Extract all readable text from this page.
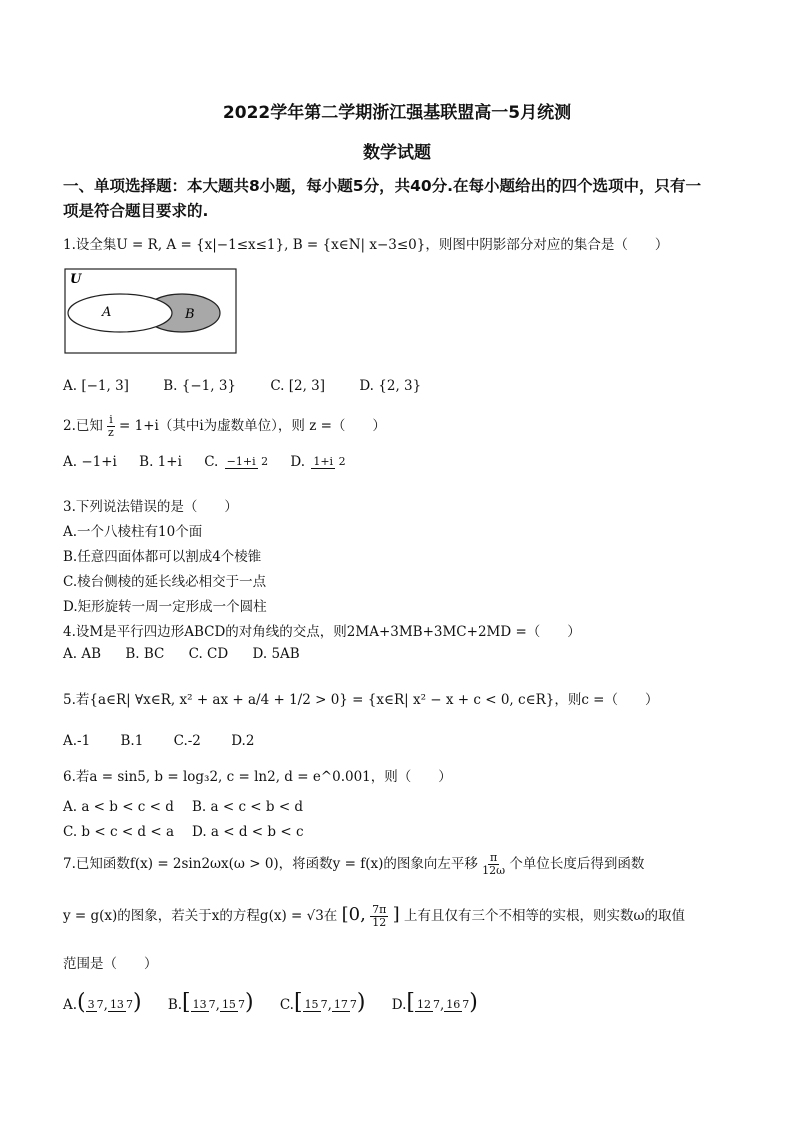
2022学年第二学期浙江强基联盟高一5月统测
数学试题
一、单项选择题：本大题共8小题，每小题5分，共40分.在每小题给出的四个选项中，只有一
项是符合题目要求的.
1.设全集U = R, A = {x|−1≤x≤1}, B = {x∈N| x−3≤0}，则图中阴影部分对应的集合是（　　）
U
A	B
A. [−1, 3]	B. {−1, 3}	C. [2, 3]	D. {2, 3}
2.已知 $\frac{i}{z} = 1+i$（其中i为虚数单位），则 z =（　　）
A. −1+i B. 1+i C. −1+i 2 D. 1+i 2
3.下列说法错误的是（　　）
A.一个八棱柱有10个面
B.任意四面体都可以割成4个棱锥
C.棱台侧棱的延长线必相交于一点
D.矩形旋转一周一定形成一个圆柱
4.设M是平行四边形ABCD的对角线的交点，则2MA+3MB+3MC+2MD =（　　）
A. AB B. BC C. CD D. 5AB
5.若{a∈R| ∀x∈R, x² + ax + a/4 + 1/2 > 0} = {x∈R| x² − x + c < 0, c∈R}，则c =（　　）
A.-1 B.1 C.-2 D.2
6.若a = sin5, b = log₃2, c = ln2, d = e^0.001，则（　　）
A. a < b < c < d B. a < c < b < d
C. b < c < d < a D. a < d < b < c
7.已知函数f(x) = 2sin2ωx(ω > 0)，将函数y = f(x)的图象向左平移 $\frac{\pi}{12\omega}$ 个单位长度后得到函数
y = g(x)的图象，若关于x的方程g(x) = √3在 [0, $\frac{7\pi}{12}$ ] 上有且仅有三个不相等的实根，则实数ω的取值
范围是（　　）
A.( 3 7, 13 7) B.[ 13 7, 15 7) C.[ 15 7, 17 7) D.[ 12 7, 16 7)
